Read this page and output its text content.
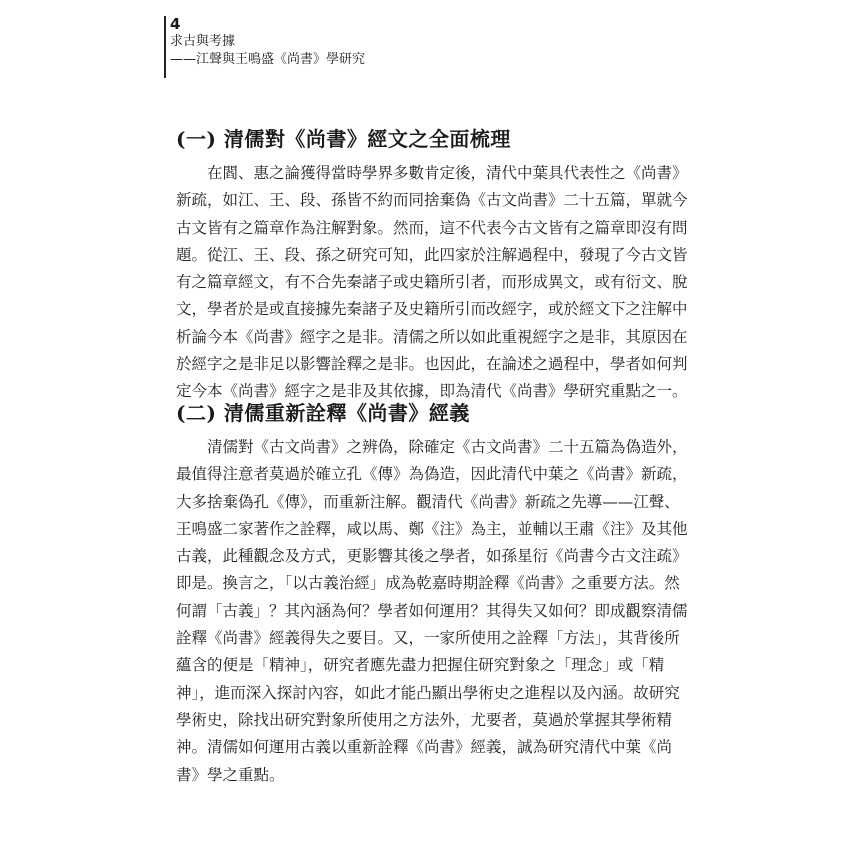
4
求古與考據
——江聲與王鳴盛《尚書》學研究
(一) 清儒對《尚書》經文之全面梳理
　　在閻、惠之論獲得當時學界多數肯定後，清代中葉具代表性之《尚書》
新疏，如江、王、段、孫皆不約而同捨棄偽《古文尚書》二十五篇，單就今
古文皆有之篇章作為注解對象。然而，這不代表今古文皆有之篇章即沒有問
題。從江、王、段、孫之研究可知，此四家於注解過程中，發現了今古文皆
有之篇章經文，有不合先秦諸子或史籍所引者，而形成異文，或有衍文、脫
文，學者於是或直接據先秦諸子及史籍所引而改經字，或於經文下之注解中
析論今本《尚書》經字之是非。清儒之所以如此重視經字之是非，其原因在
於經字之是非足以影響詮釋之是非。也因此，在論述之過程中，學者如何判
定今本《尚書》經字之是非及其依據，即為清代《尚書》學研究重點之一。
(二) 清儒重新詮釋《尚書》經義
　　清儒對《古文尚書》之辨偽，除確定《古文尚書》二十五篇為偽造外，
最值得注意者莫過於確立孔《傳》為偽造，因此清代中葉之《尚書》新疏，
大多捨棄偽孔《傳》，而重新注解。觀清代《尚書》新疏之先導——江聲、
王鳴盛二家著作之詮釋，咸以馬、鄭《注》為主，並輔以王肅《注》及其他
古義，此種觀念及方式，更影響其後之學者，如孫星衍《尚書今古文注疏》
即是。換言之，「以古義治經」成為乾嘉時期詮釋《尚書》之重要方法。然
何謂「古義」？其內涵為何？學者如何運用？其得失又如何？即成觀察清儒
詮釋《尚書》經義得失之要目。又，一家所使用之詮釋「方法」，其背後所
蘊含的便是「精神」，研究者應先盡力把握住研究對象之「理念」或「精
神」，進而深入探討內容，如此才能凸顯出學術史之進程以及內涵。故研究
學術史，除找出研究對象所使用之方法外，尤要者，莫過於掌握其學術精
神。清儒如何運用古義以重新詮釋《尚書》經義，誠為研究清代中葉《尚
書》學之重點。
